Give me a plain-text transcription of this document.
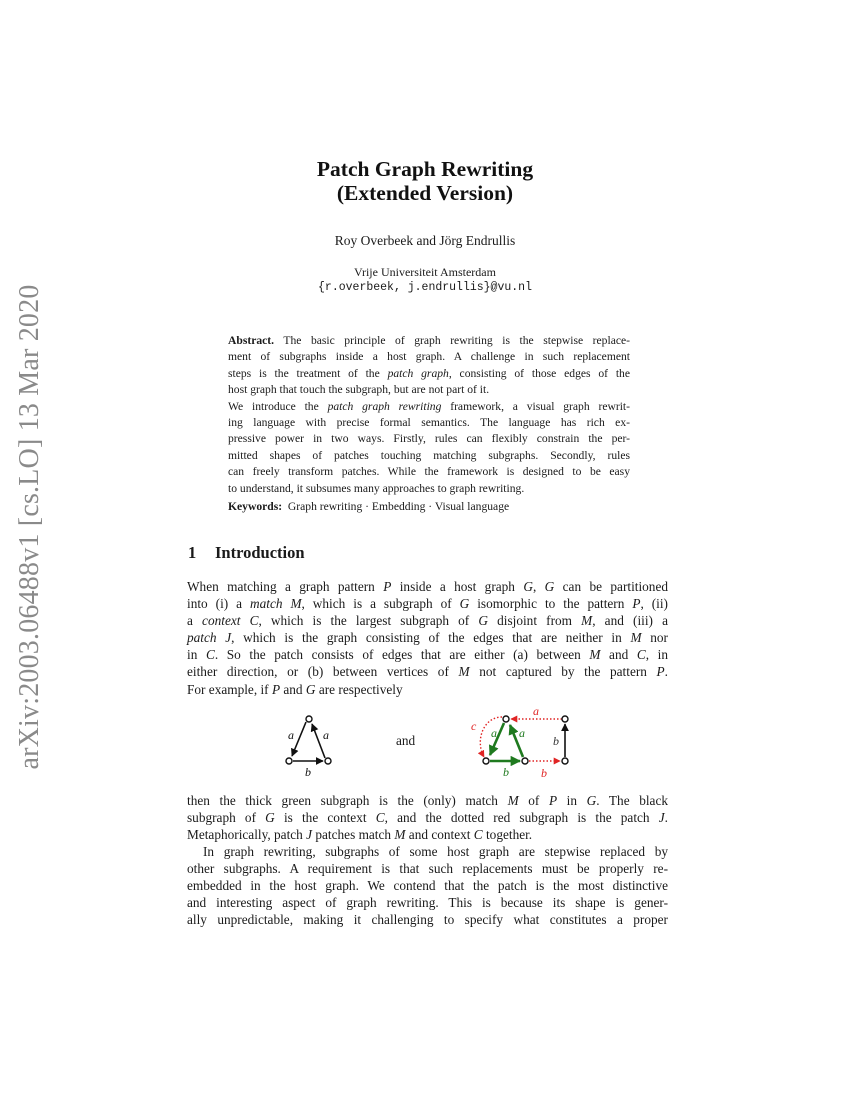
arXiv:2003.06488v1 [cs.LO] 13 Mar 2020
Patch Graph Rewriting
(Extended Version)
Roy Overbeek and Jörg Endrullis
Vrije Universiteit Amsterdam
{r.overbeek, j.endrullis}@vu.nl

Abstract. The basic principle of graph rewriting is the stepwise replace-

ment of subgraphs inside a host graph. A challenge in such replacement

steps is the treatment of the patch graph, consisting of those edges of the

host graph that touch the subgraph, but are not part of it.

We introduce the patch graph rewriting framework, a visual graph rewrit-

ing language with precise formal semantics. The language has rich ex-

pressive power in two ways. Firstly, rules can flexibly constrain the per-

mitted shapes of patches touching matching subgraphs. Secondly, rules

can freely transform patches. While the framework is designed to be easy

to understand, it subsumes many approaches to graph rewriting.

Keywords: Graph rewriting · Embedding · Visual language
1 Introduction
When matching a graph pattern P inside a host graph G, G can be partitioned
into (i) a match M, which is a subgraph of G isomorphic to the pattern P, (ii)
a context C, which is the largest subgraph of G disjoint from M, and (iii) a
patch J, which is the graph consisting of the edges that are neither in M nor
in C. So the patch consists of edges that are either (a) between M and C, in
either direction, or (b) between vertices of M not captured by the pattern P.
For example, if P and G are respectively
a a
b
and	a a
b
b
c
a
b
then the thick green subgraph is the (only) match M of P in G. The black
subgraph of G is the context C, and the dotted red subgraph is the patch J.
Metaphorically, patch J patches match M and context C together.
In graph rewriting, subgraphs of some host graph are stepwise replaced by
other subgraphs. A requirement is that such replacements must be properly re-
embedded in the host graph. We contend that the patch is the most distinctive
and interesting aspect of graph rewriting. This is because its shape is gener-
ally unpredictable, making it challenging to specify what constitutes a proper
